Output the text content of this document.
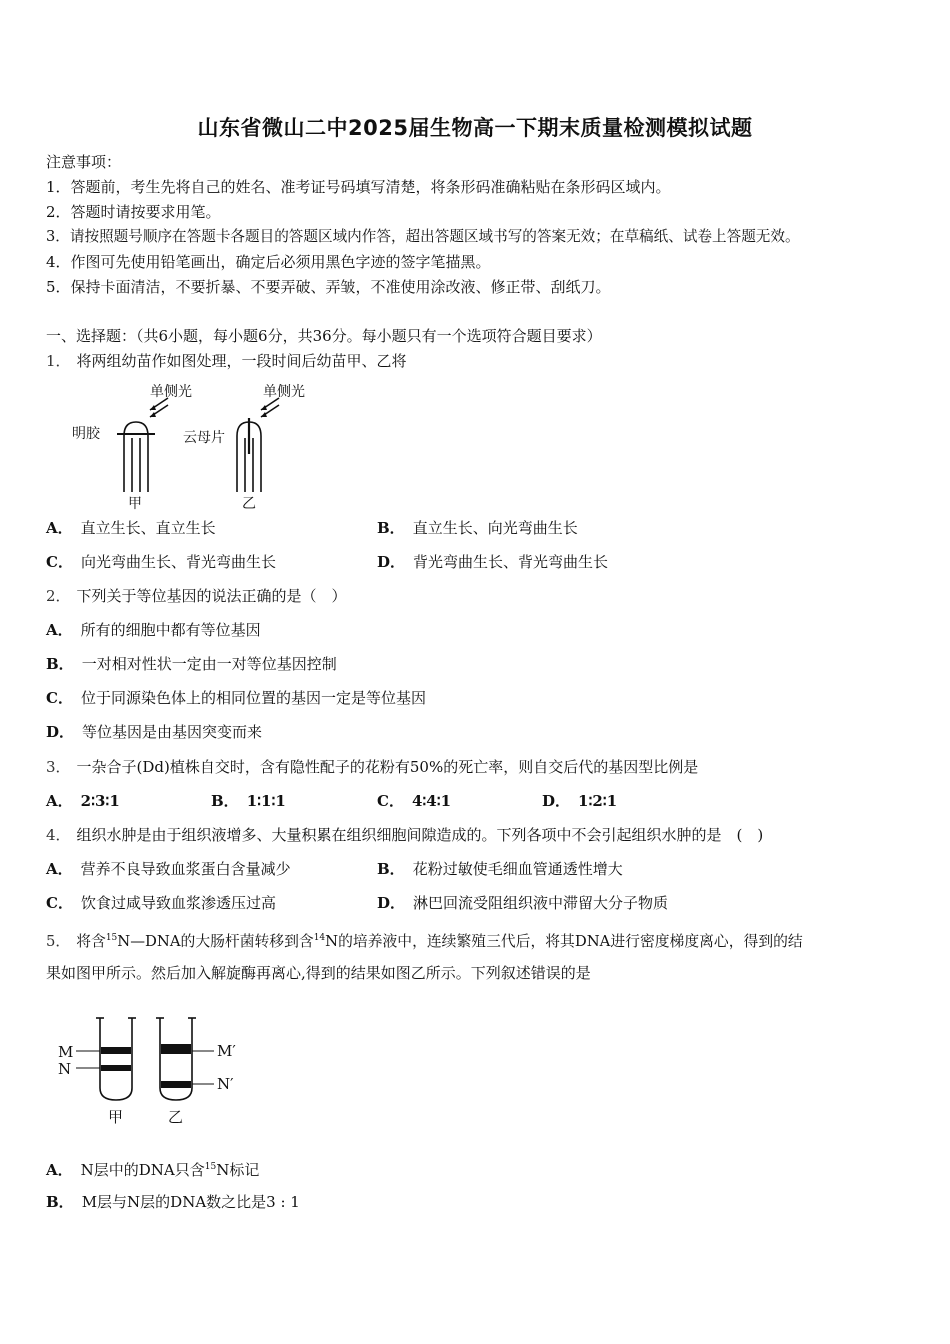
山东省微山二中2025届生物高一下期末质量检测模拟试题
注意事项：
1．答题前，考生先将自己的姓名、准考证号码填写清楚，将条形码准确粘贴在条形码区域内。
2．答题时请按要求用笔。
3．请按照题号顺序在答题卡各题目的答题区域内作答，超出答题区域书写的答案无效；在草稿纸、试卷上答题无效。
4．作图可先使用铅笔画出，确定后必须用黑色字迹的签字笔描黑。
5．保持卡面清洁，不要折暴、不要弄破、弄皱，不准使用涂改液、修正带、刮纸刀。
一、选择题：（共6小题，每小题6分，共36分。每小题只有一个选项符合题目要求）
1． 将两组幼苗作如图处理，一段时间后幼苗甲、乙将
单侧光
明胶
甲
单侧光
云母片
乙
A． 直立生长、直立生长	B． 直立生长、向光弯曲生长
C． 向光弯曲生长、背光弯曲生长	D． 背光弯曲生长、背光弯曲生长
2． 下列关于等位基因的说法正确的是（　）
A． 所有的细胞中都有等位基因
B． 一对相对性状一定由一对等位基因控制
C． 位于同源染色体上的相同位置的基因一定是等位基因
D． 等位基因是由基因突变而来
3． 一杂合子(Dd)植株自交时，含有隐性配子的花粉有50%的死亡率，则自交后代的基因型比例是
A． 2∶3∶1	B． 1∶1∶1	C． 4∶4∶1	D． 1∶2∶1
4． 组织水肿是由于组织液增多、大量积累在组织细胞间隙造成的。下列各项中不会引起组织水肿的是　(　)
A． 营养不良导致血浆蛋白含量减少	B． 花粉过敏使毛细血管通透性增大
C． 饮食过咸导致血浆渗透压过高	D． 淋巴回流受阻组织液中滞留大分子物质
5． 将含$^{15}$N—DNA的大肠杆菌转移到含$^{14}$N的培养液中，连续繁殖三代后，将其DNA进行密度梯度离心，得到的结
果如图甲所示。然后加入解旋酶再离心,得到的结果如图乙所示。下列叙述错误的是
M
N
M′
N′
甲	乙
A． N层中的DNA只含$^{15}$N标记
B． M层与N层的DNA数之比是3 : 1
